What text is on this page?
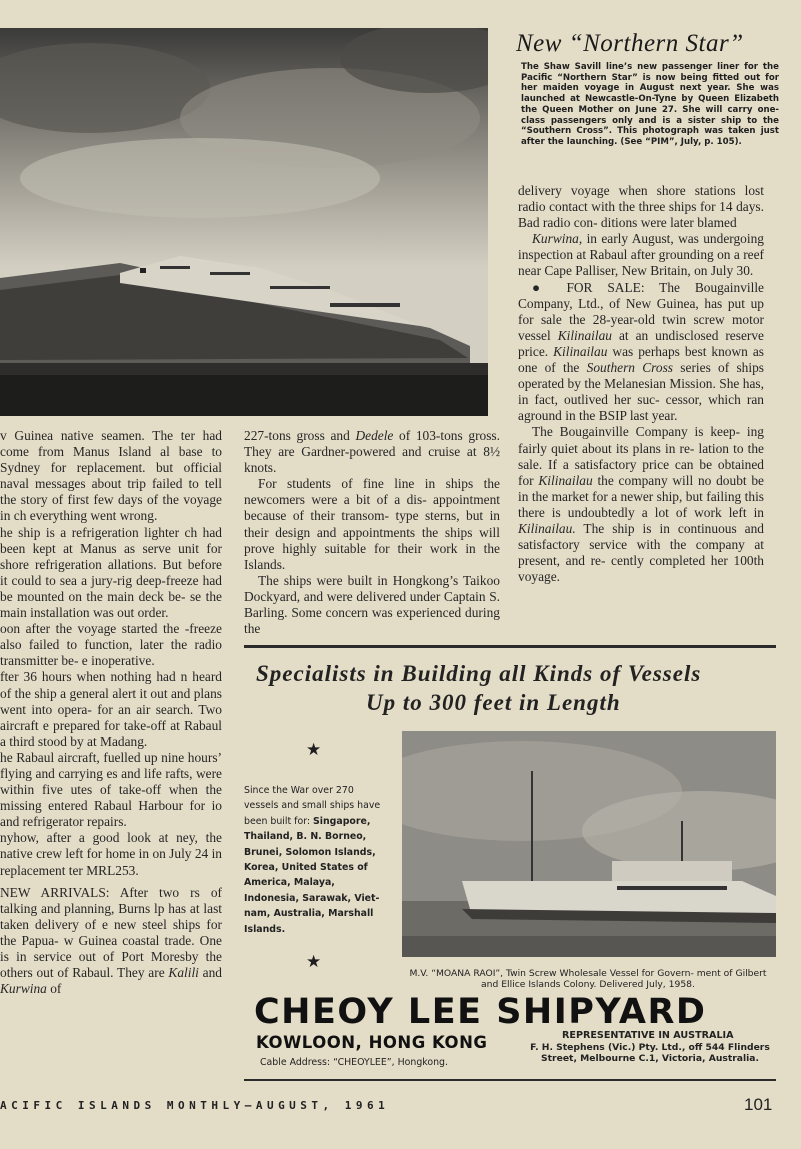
New “Northern Star”
The Shaw Savill line’s new passenger liner for the Pacific “Northern Star” is now being fitted out for her maiden voyage in August next year. She was launched at Newcastle-On-Tyne by Queen Elizabeth the Queen Mother on June 27. She will carry one-class passengers only and is a sister ship to the “Southern Cross”. This photograph was taken just after the launching. (See “PIM”, July, p. 105).

v Guinea native seamen. The ter had come from Manus Island al base to Sydney for replacement. but official naval messages about trip failed to tell the story of first few days of the voyage in ch everything went wrong.

he ship is a refrigeration lighter ch had been kept at Manus as serve unit for shore refrigeration allations. But before it could to sea a jury-rig deep-freeze had be mounted on the main deck be- se the main installation was out order.

oon after the voyage started the -freeze also failed to function, later the radio transmitter be- e inoperative.

fter 36 hours when nothing had n heard of the ship a general alert it out and plans went into opera- for an air search. Two aircraft e prepared for take-off at Rabaul a third stood by at Madang.

he Rabaul aircraft, fuelled up nine hours’ flying and carrying es and life rafts, were within five utes of take-off when the missing entered Rabaul Harbour for io and refrigerator repairs.

nyhow, after a good look at ney, the native crew left for home in on July 24 in replacement ter MRL253.

NEW ARRIVALS: After two rs of talking and planning, Burns lp has at last taken delivery of e new steel ships for the Papua- w Guinea coastal trade. One is in service out of Port Moresby the others out of Rabaul. They are Kalili and Kurwina of

227-tons gross and Dedele of 103-tons gross. They are Gardner-powered and cruise at 8½ knots.

For students of fine line in ships the newcomers were a bit of a dis- appointment because of their transom- type sterns, but in their design and appointments the ships will prove highly suitable for their work in the Islands.

The ships were built in Hongkong’s Taikoo Dockyard, and were delivered under Captain S. Barling. Some concern was experienced during the

delivery voyage when shore stations lost radio contact with the three ships for 14 days. Bad radio con- ditions were later blamed

Kurwina, in early August, was undergoing inspection at Rabaul after grounding on a reef near Cape Palliser, New Britain, on July 30.

● FOR SALE: The Bougainville Company, Ltd., of New Guinea, has put up for sale the 28-year-old twin screw motor vessel Kilinailau at an undisclosed reserve price. Kilinailau was perhaps best known as one of the Southern Cross series of ships operated by the Melanesian Mission. She has, in fact, outlived her suc- cessor, which ran aground in the BSIP last year.

The Bougainville Company is keep- ing fairly quiet about its plans in re- lation to the sale. If a satisfactory price can be obtained for Kilinailau the company will no doubt be in the market for a newer ship, but failing this there is undoubtedly a lot of work left in Kilinailau. The ship is in continuous and satisfactory service with the company at present, and re- cently completed her 100th voyage.

Specialists in Building all Kinds of Vessels
Up to 300 feet in Length
★
Since the War over 270 vessels and small ships have been built for: Singapore, Thailand, B. N. Borneo, Brunei, Solomon Islands, Korea, United States of America, Malaya, Indonesia, Sarawak, Viet- nam, Australia, Marshall Islands.
★
M.V. “MOANA RAOI”, Twin Screw Wholesale Vessel for Govern- ment of Gilbert and Ellice Islands Colony. Delivered July, 1958.
CHEOY LEE SHIPYARD
KOWLOON, HONG KONG
Cable Address: “CHEOYLEE”, Hongkong.
REPRESENTATIVE IN AUSTRALIA
F. H. Stephens (Vic.) Pty. Ltd., off 544 Flinders Street, Melbourne C.1, Victoria, Australia.
ACIFIC ISLANDS MONTHLY—AUGUST, 1961	101
